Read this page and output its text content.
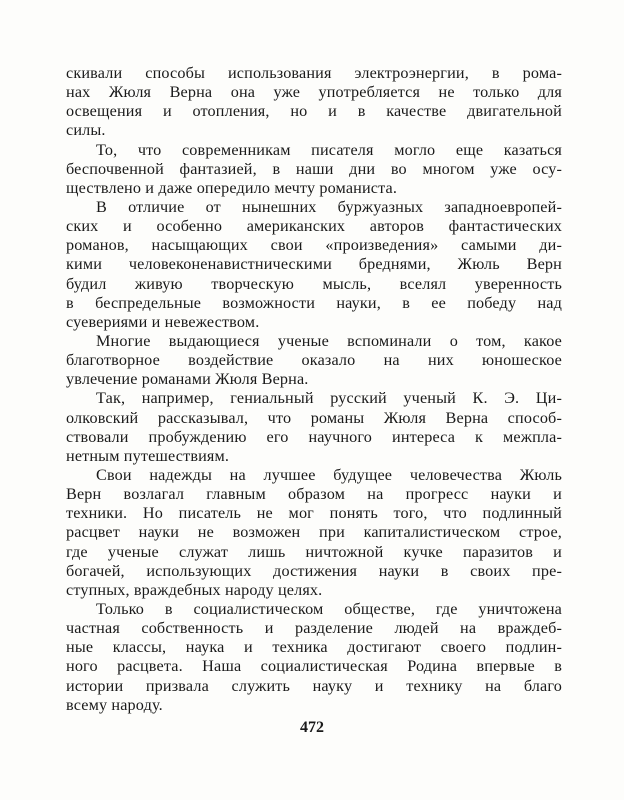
скивали способы использования электроэнергии, в рома-
нах Жюля Верна она уже употребляется не только для
освещения и отопления, но и в качестве двигательной
силы.
То, что современникам писателя могло еще казаться
беспочвенной фантазией, в наши дни во многом уже осу-
ществлено и даже опередило мечту романиста.
В отличие от нынешних буржуазных западноевропей-
ских и особенно американских авторов фантастических
романов, насыщающих свои «произведения» самыми ди-
кими человеконенавистническими бреднями, Жюль Верн
будил живую творческую мысль, вселял уверенность
в беспредельные возможности науки, в ее победу над
суевериями и невежеством.
Многие выдающиеся ученые вспоминали о том, какое
благотворное воздействие оказало на них юношеское
увлечение романами Жюля Верна.
Так, например, гениальный русский ученый К. Э. Ци-
олковский рассказывал, что романы Жюля Верна способ-
ствовали пробуждению его научного интереса к межпла-
нетным путешествиям.
Свои надежды на лучшее будущее человечества Жюль
Верн возлагал главным образом на прогресс науки и
техники. Но писатель не мог понять того, что подлинный
расцвет науки не возможен при капиталистическом строе,
где ученые служат лишь ничтожной кучке паразитов и
богачей, использующих достижения науки в своих пре-
ступных, враждебных народу целях.
Только в социалистическом обществе, где уничтожена
частная собственность и разделение людей на враждеб-
ные классы, наука и техника достигают своего подлин-
ного расцвета. Наша социалистическая Родина впервые в
истории призвала служить науку и технику на благо
всему народу.
472
